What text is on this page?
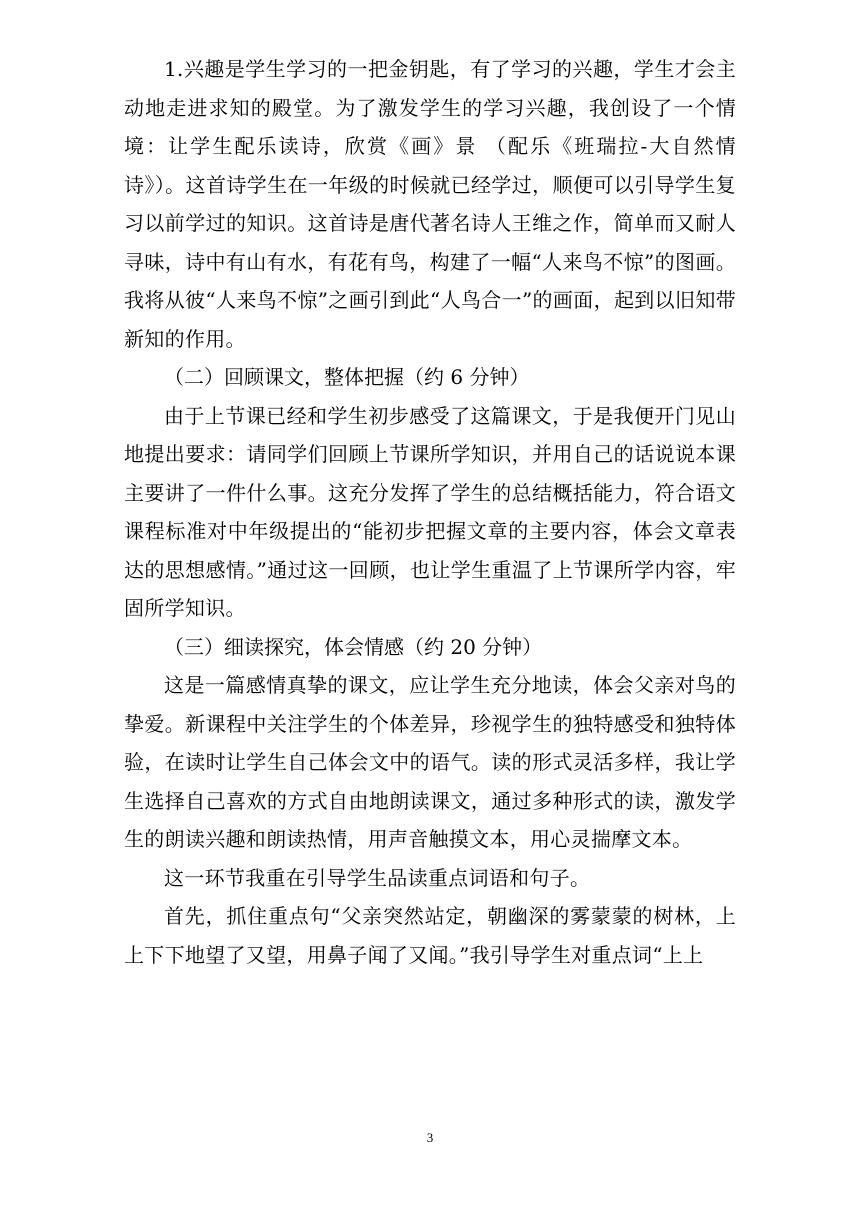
1.兴趣是学生学习的一把金钥匙，有了学习的兴趣，学生才会主动地走进求知的殿堂。为了激发学生的学习兴趣，我创设了一个情境：让学生配乐读诗，欣赏《画》景 （配乐《班瑞拉-大自然情诗》）。这首诗学生在一年级的时候就已经学过，顺便可以引导学生复习以前学过的知识。这首诗是唐代著名诗人王维之作，简单而又耐人寻味，诗中有山有水，有花有鸟，构建了一幅“人来鸟不惊”的图画。我将从彼“人来鸟不惊”之画引到此“人鸟合一”的画面，起到以旧知带新知的作用。

（二）回顾课文，整体把握（约 6 分钟）

由于上节课已经和学生初步感受了这篇课文，于是我便开门见山地提出要求：请同学们回顾上节课所学知识，并用自己的话说说本课主要讲了一件什么事。这充分发挥了学生的总结概括能力，符合语文课程标准对中年级提出的“能初步把握文章的主要内容，体会文章表达的思想感情。”通过这一回顾，也让学生重温了上节课所学内容，牢固所学知识。

（三）细读探究，体会情感（约 20 分钟）

这是一篇感情真挚的课文，应让学生充分地读，体会父亲对鸟的挚爱。新课程中关注学生的个体差异，珍视学生的独特感受和独特体验，在读时让学生自己体会文中的语气。读的形式灵活多样，我让学生选择自己喜欢的方式自由地朗读课文，通过多种形式的读，激发学生的朗读兴趣和朗读热情，用声音触摸文本，用心灵揣摩文本。

这一环节我重在引导学生品读重点词语和句子。

首先，抓住重点句“父亲突然站定，朝幽深的雾蒙蒙的树林，上上下下地望了又望，用鼻子闻了又闻。”我引导学生对重点词“上上

3
